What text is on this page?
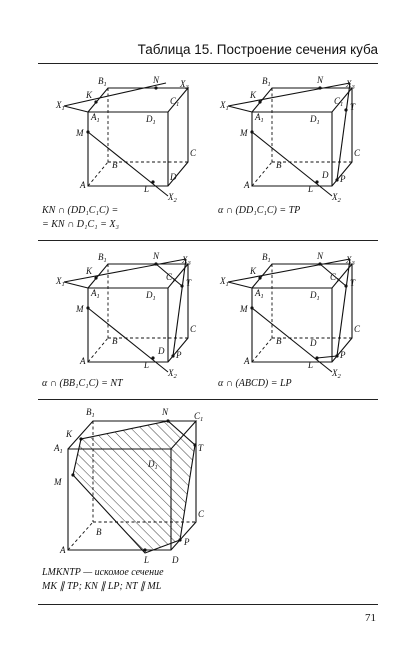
Таблица 15. Построение сечения куба
$B_1$	N
K
$X_1$
$A_1$	$D_1$
$C_1$
$X_3$
M
B
C
A
D
L
$X_2$
KN ∩ (DD₁C₁C) =
= KN ∩ D₁C₁ = X₃
$B_1$	N
K
$X_1$
$A_1$	$D_1$
$C_1$
$X_3$
T
M
B
C
A
D P
L
$X_2$
α ∩ (DD₁C₁C) = TP
$B_1$	N
K
$X_1$
$A_1$	$D_1$
$C_1$
$X_3$
T
M
B
C
A
D P
L
$X_2$
α ∩ (BB₁C₁C) = NT
$B_1$	N
K
$X_1$
$A_1$	$D_1$
$C_1$
$X_3$
T
M
B
C
A
D
P
L
$X_2$
α ∩ (ABCD) = LP
$B_1$	N	$C_1$
K
$A_1$
$D_1$
T
M
C
B
P
A
L	D
LMKNTP — искомое сечение
MK ∥ TP; KN ∥ LP; NT ∥ ML
71
